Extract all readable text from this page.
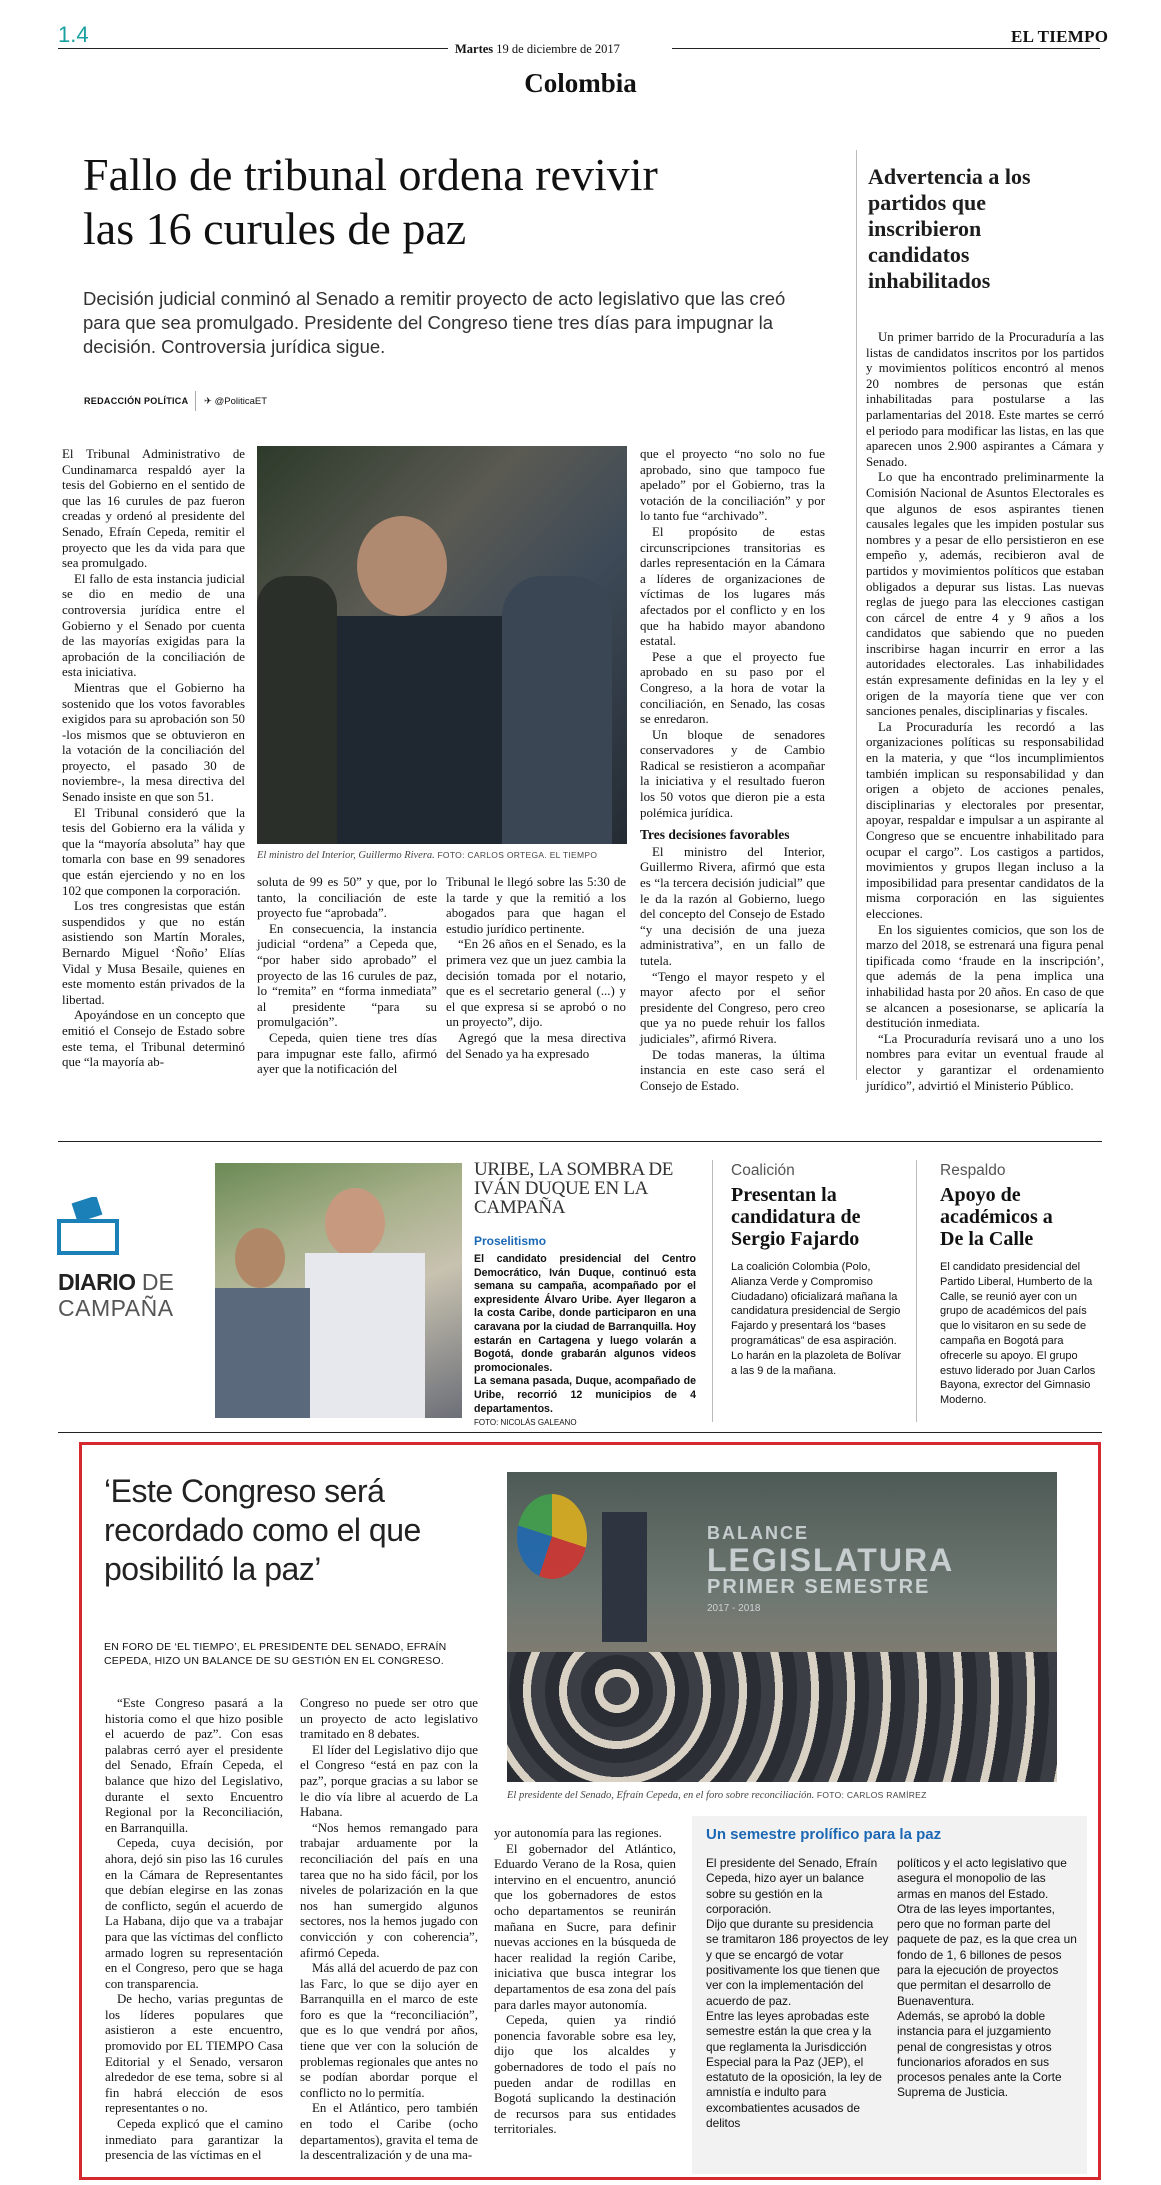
1.4
Martes 19 de diciembre de 2017
EL TIEMPO
Colombia
Fallo de tribunal ordena revivir las 16 curules de paz
Decisión judicial conminó al Senado a remitir proyecto de acto legislativo que las creó para que sea promulgado. Presidente del Congreso tiene tres días para impugnar la decisión. Controversia jurídica sigue.
REDACCIÓN POLÍTICA ✈ @PoliticaET

El Tribunal Administrativo de Cundinamarca respaldó ayer la tesis del Gobierno en el sentido de que las 16 curules de paz fueron creadas y ordenó al presidente del Senado, Efraín Cepeda, remitir el proyecto que les da vida para que sea promulgado.

El fallo de esta instancia judicial se dio en medio de una controversia jurídica entre el Gobierno y el Senado por cuenta de las mayorías exigidas para la aprobación de la conciliación de esta iniciativa.

Mientras que el Gobierno ha sostenido que los votos favorables exigidos para su aprobación son 50 -los mismos que se obtuvieron en la votación de la conciliación del proyecto, el pasado 30 de noviembre-, la mesa directiva del Senado insiste en que son 51.

El Tribunal consideró que la tesis del Gobierno era la válida y que la “mayoría absoluta” hay que tomarla con base en 99 senadores que están ejerciendo y no en los 102 que componen la corporación.

Los tres congresistas que están suspendidos y que no están asistiendo son Martín Morales, Bernardo Miguel ‘Ñoño’ Elías Vidal y Musa Besaile, quienes en este momento están privados de la libertad.

Apoyándose en un concepto que emitió el Consejo de Estado sobre este tema, el Tribunal determinó que “la mayoría ab-

El ministro del Interior, Guillermo Rivera. FOTO: CARLOS ORTEGA. EL TIEMPO

soluta de 99 es 50” y que, por lo tanto, la conciliación de este proyecto fue “aprobada”.

En consecuencia, la instancia judicial “ordena” a Cepeda que, “por haber sido aprobado” el proyecto de las 16 curules de paz, lo “remita” en “forma inmediata” al presidente “para su promulgación”.

Cepeda, quien tiene tres días para impugnar este fallo, afirmó ayer que la notificación del

Tribunal le llegó sobre las 5:30 de la tarde y que la remitió a los abogados para que hagan el estudio jurídico pertinente.

“En 26 años en el Senado, es la primera vez que un juez cambia la decisión tomada por el notario, que es el secretario general (...) y el que expresa si se aprobó o no un proyecto”, dijo.

Agregó que la mesa directiva del Senado ya ha expresado

que el proyecto “no solo no fue aprobado, sino que tampoco fue apelado” por el Gobierno, tras la votación de la conciliación” y por lo tanto fue “archivado”.

El propósito de estas circunscripciones transitorias es darles representación en la Cámara a líderes de organizaciones de víctimas de los lugares más afectados por el conflicto y en los que ha habido mayor abandono estatal.

Pese a que el proyecto fue aprobado en su paso por el Congreso, a la hora de votar la conciliación, en Senado, las cosas se enredaron.

Un bloque de senadores conservadores y de Cambio Radical se resistieron a acompañar la iniciativa y el resultado fueron los 50 votos que dieron pie a esta polémica jurídica.

Tres decisiones favorables

El ministro del Interior, Guillermo Rivera, afirmó que esta es “la tercera decisión judicial” que le da la razón al Gobierno, luego del concepto del Consejo de Estado “y una decisión de una jueza administrativa”, en un fallo de tutela.

“Tengo el mayor respeto y el mayor afecto por el señor presidente del Congreso, pero creo que ya no puede rehuir los fallos judiciales”, afirmó Rivera.

De todas maneras, la última instancia en este caso será el Consejo de Estado.

Advertencia a los partidos que inscribieron candidatos inhabilitados

Un primer barrido de la Procuraduría a las listas de candidatos inscritos por los partidos y movimientos políticos encontró al menos 20 nombres de personas que están inhabilitadas para postularse a las parlamentarias del 2018. Este martes se cerró el periodo para modificar las listas, en las que aparecen unos 2.900 aspirantes a Cámara y Senado.

Lo que ha encontrado preliminarmente la Comisión Nacional de Asuntos Electorales es que algunos de esos aspirantes tienen causales legales que les impiden postular sus nombres y a pesar de ello persistieron en ese empeño y, además, recibieron aval de partidos y movimientos políticos que estaban obligados a depurar sus listas. Las nuevas reglas de juego para las elecciones castigan con cárcel de entre 4 y 9 años a los candidatos que sabiendo que no pueden inscribirse hagan incurrir en error a las autoridades electorales. Las inhabilidades están expresamente definidas en la ley y el origen de la mayoría tiene que ver con sanciones penales, disciplinarias y fiscales.

La Procuraduría les recordó a las organizaciones políticas su responsabilidad en la materia, y que “los incumplimientos también implican su responsabilidad y dan origen a objeto de acciones penales, disciplinarias y electorales por presentar, apoyar, respaldar e impulsar a un aspirante al Congreso que se encuentre inhabilitado para ocupar el cargo”. Los castigos a partidos, movimientos y grupos llegan incluso a la imposibilidad para presentar candidatos de la misma corporación en las siguientes elecciones.

En los siguientes comicios, que son los de marzo del 2018, se estrenará una figura penal tipificada como ‘fraude en la inscripción’, que además de la pena implica una inhabilidad hasta por 20 años. En caso de que se alcancen a posesionarse, se aplicaría la destitución inmediata.

“La Procuraduría revisará uno a uno los nombres para evitar un eventual fraude al elector y garantizar el ordenamiento jurídico”, advirtió el Ministerio Público.

DIARIO DE
CAMPAÑA
URIBE, LA SOMBRA DE IVÁN DUQUE EN LA CAMPAÑA
Proselitismo
El candidato presidencial del Centro Democrático, Iván Duque, continuó esta semana su campaña, acompañado por el expresidente Álvaro Uribe. Ayer llegaron a la costa Caribe, donde participaron en una caravana por la ciudad de Barranquilla. Hoy estarán en Cartagena y luego volarán a Bogotá, donde grabarán algunos videos promocionales.
La semana pasada, Duque, acompañado de Uribe, recorrió 12 municipios de 4 departamentos.
FOTO: NICOLÁS GALEANO
Coalición
Presentan la candidatura de Sergio Fajardo
La coalición Colombia (Polo, Alianza Verde y Compromiso Ciudadano) oficializará mañana la candidatura presidencial de Sergio Fajardo y presentará los “bases programáticas” de esa aspiración. Lo harán en la plazoleta de Bolívar a las 9 de la mañana.
Respaldo
Apoyo de académicos a De la Calle
El candidato presidencial del Partido Liberal, Humberto de la Calle, se reunió ayer con un grupo de académicos del país que lo visitaron en su sede de campaña en Bogotá para ofrecerle su apoyo. El grupo estuvo liderado por Juan Carlos Bayona, exrector del Gimnasio Moderno.
‘Este Congreso será recordado como el que posibilitó la paz’
EN FORO DE ‘EL TIEMPO’, EL PRESIDENTE DEL SENADO, EFRAÍN CEPEDA, HIZO UN BALANCE DE SU GESTIÓN EN EL CONGRESO.
BALANCE
LEGISLATURA
PRIMER SEMESTRE
2017 - 2018
El presidente del Senado, Efraín Cepeda, en el foro sobre reconciliación. FOTO: CARLOS RAMÍREZ

“Este Congreso pasará a la historia como el que hizo posible el acuerdo de paz”. Con esas palabras cerró ayer el presidente del Senado, Efraín Cepeda, el balance que hizo del Legislativo, durante el sexto Encuentro Regional por la Reconciliación, en Barranquilla.

Cepeda, cuya decisión, por ahora, dejó sin piso las 16 curules en la Cámara de Representantes que debían elegirse en las zonas de conflicto, según el acuerdo de La Habana, dijo que va a trabajar para que las víctimas del conflicto armado logren su representación en el Congreso, pero que se haga con transparencia.

De hecho, varias preguntas de los líderes populares que asistieron a este encuentro, promovido por EL TIEMPO Casa Editorial y el Senado, versaron alrededor de ese tema, sobre si al fin habrá elección de esos representantes o no.

Cepeda explicó que el camino inmediato para garantizar la presencia de las víctimas en el

Congreso no puede ser otro que un proyecto de acto legislativo tramitado en 8 debates.

El líder del Legislativo dijo que el Congreso “está en paz con la paz”, porque gracias a su labor se le dio vía libre al acuerdo de La Habana.

“Nos hemos remangado para trabajar arduamente por la reconciliación del país en una tarea que no ha sido fácil, por los niveles de polarización en la que nos han sumergido algunos sectores, nos la hemos jugado con convicción y con coherencia”, afirmó Cepeda.

Más allá del acuerdo de paz con las Farc, lo que se dijo ayer en Barranquilla en el marco de este foro es que la “reconciliación”, que es lo que vendrá por años, tiene que ver con la solución de problemas regionales que antes no se podían abordar porque el conflicto no lo permitía.

En el Atlántico, pero también en todo el Caribe (ocho departamentos), gravita el tema de la descentralización y de una ma-

yor autonomía para las regiones.

El gobernador del Atlántico, Eduardo Verano de la Rosa, quien intervino en el encuentro, anunció que los gobernadores de estos ocho departamentos se reunirán mañana en Sucre, para definir nuevas acciones en la búsqueda de hacer realidad la región Caribe, iniciativa que busca integrar los departamentos de esa zona del país para darles mayor autonomía.

Cepeda, quien ya rindió ponencia favorable sobre esa ley, dijo que los alcaldes y gobernadores de todo el país no pueden andar de rodillas en Bogotá suplicando la destinación de recursos para sus entidades territoriales.

Un semestre prolífico para la paz
El presidente del Senado, Efraín Cepeda, hizo ayer un balance sobre su gestión en la corporación.
Dijo que durante su presidencia se tramitaron 186 proyectos de ley y que se encargó de votar positivamente los que tienen que ver con la implementación del acuerdo de paz.
Entre las leyes aprobadas este semestre están la que crea y la que reglamenta la Jurisdicción Especial para la Paz (JEP), el estatuto de la oposición, la ley de amnistía e indulto para excombatientes acusados de delitos
políticos y el acto legislativo que asegura el monopolio de las armas en manos del Estado.
Otra de las leyes importantes, pero que no forman parte del paquete de paz, es la que crea un fondo de 1, 6 billones de pesos para la ejecución de proyectos que permitan el desarrollo de Buenaventura.
Además, se aprobó la doble instancia para el juzgamiento penal de congresistas y otros funcionarios aforados en sus procesos penales ante la Corte Suprema de Justicia.
